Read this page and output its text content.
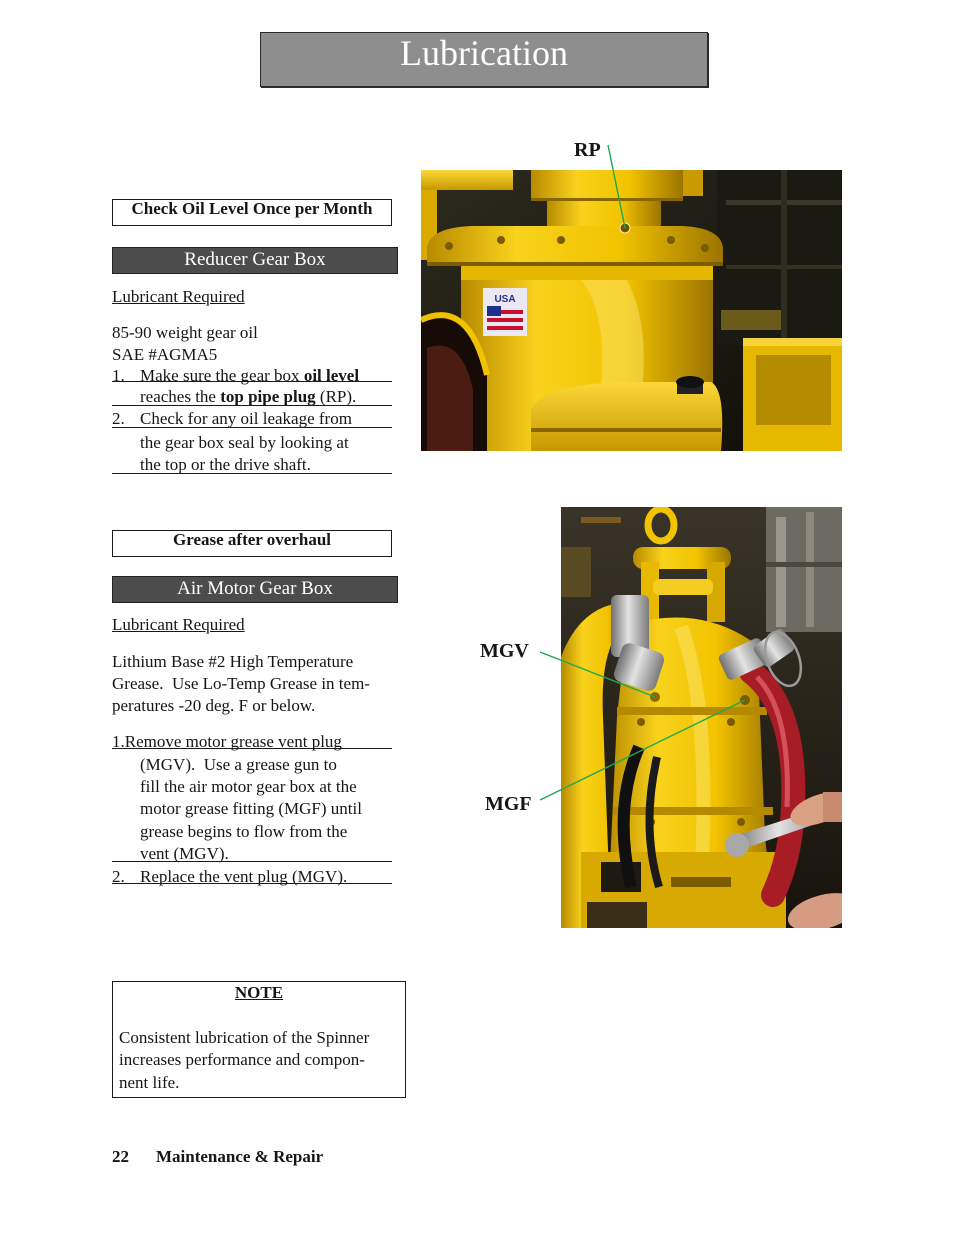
Lubrication
Check Oil Level Once per Month
Reducer Gear Box
Lubricant Required
85-90 weight gear oil
SAE #AGMA5
1. Make sure the gear box oil level
reaches the top pipe plug (RP).
2. Check for any oil leakage from
the gear box seal by looking at
the top or the drive shaft.
Grease after overhaul
Air Motor Gear Box
Lubricant Required
Lithium Base #2 High Temperature
Grease.  Use Lo-Temp Grease in tem-
peratures -20 deg. F or below.
1.Remove motor grease vent plug
(MGV).  Use a grease gun to
fill the air motor gear box at the
motor grease fitting (MGF) until
grease begins to flow from the
vent (MGV).
2. Replace the vent plug (MGV).
NOTE
Consistent lubrication of the Spinner
increases performance and compon-
nent life.
22 Maintenance & Repair
USA
RP
MGV
MGF
